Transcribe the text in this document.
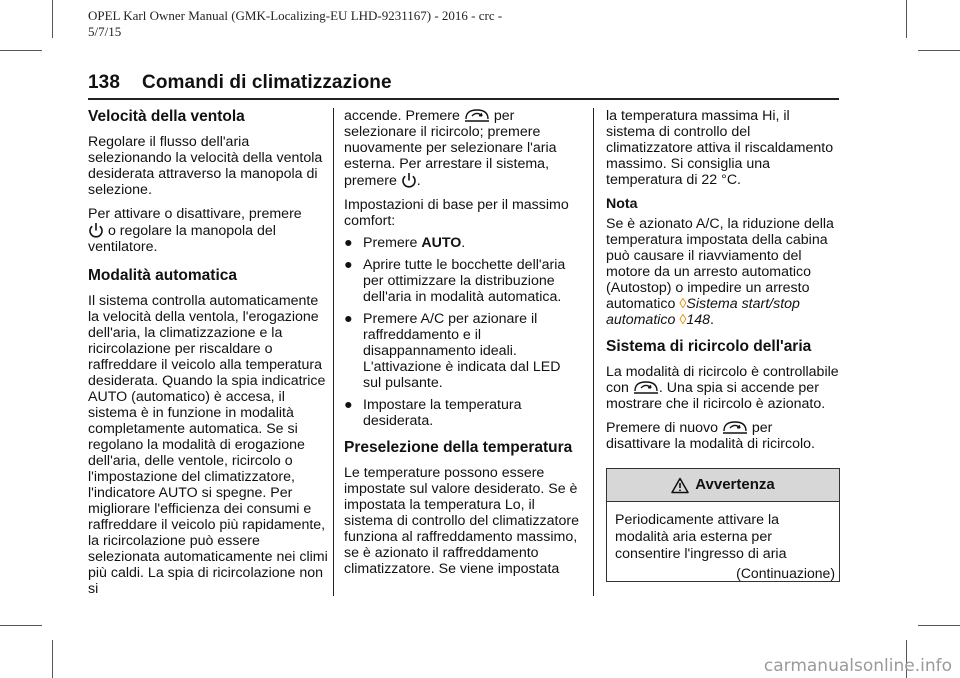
OPEL Karl Owner Manual (GMK-Localizing-EU LHD-9231167) - 2016 - crc -
5/7/15
138 Comandi di climatizzazione
Velocità della ventola

Regolare il flusso dell'aria selezionando la velocità della ventola desiderata attraverso la manopola di selezione.

Per attivare o disattivare, premere

o regolare la manopola del ventilatore.

Modalità automatica

Il sistema controlla automaticamente la velocità della ventola, l'erogazione dell'aria, la climatizzazione e la ricircolazione per riscaldare o raffreddare il veicolo alla temperatura desiderata. Quando la spia indicatrice AUTO (automatico) è accesa, il sistema è in funzione in modalità completamente automatica. Se si regolano la modalità di erogazione dell'aria, delle ventole, ricircolo o l'impostazione del climatizzatore, l'indicatore AUTO si spegne. Per migliorare l'efficienza dei consumi e raffreddare il veicolo più rapidamente, la ricircolazione può essere selezionata automaticamente nei climi più caldi. La spia di ricircolazione non si

accende. Premere per selezionare il ricircolo; premere nuovamente per selezionare l'aria esterna. Per arrestare il sistema, premere .

Impostazioni di base per il massimo comfort:

● Premere AUTO.
● Aprire tutte le bocchette dell'aria per ottimizzare la distribuzione dell'aria in modalità automatica.
● Premere A/C per azionare il raffreddamento e il disappannamento ideali. L'attivazione è indicata dal LED sul pulsante.
● Impostare la temperatura desiderata.
Preselezione della temperatura

Le temperature possono essere impostate sul valore desiderato. Se è impostata la temperatura Lo, il sistema di controllo del climatizzatore funziona al raffreddamento massimo, se è azionato il raffreddamento climatizzatore. Se viene impostata

la temperatura massima Hi, il sistema di controllo del climatizzatore attiva il riscaldamento massimo. Si consiglia una temperatura di 22 °C.

Nota

Se è azionato A/C, la riduzione della temperatura impostata della cabina può causare il riavviamento del motore da un arresto automatico (Autostop) o impedire un arresto automatico ◊Sistema start/stop automatico ◊148.

Sistema di ricircolo dell'aria

La modalità di ricircolo è controllabile con . Una spia si accende per mostrare che il ricircolo è azionato.

Premere di nuovo per disattivare la modalità di ricircolo.

Avvertenza
Periodicamente attivare la modalità aria esterna per consentire l'ingresso di aria
(Continuazione)
carmanualsonline.info
